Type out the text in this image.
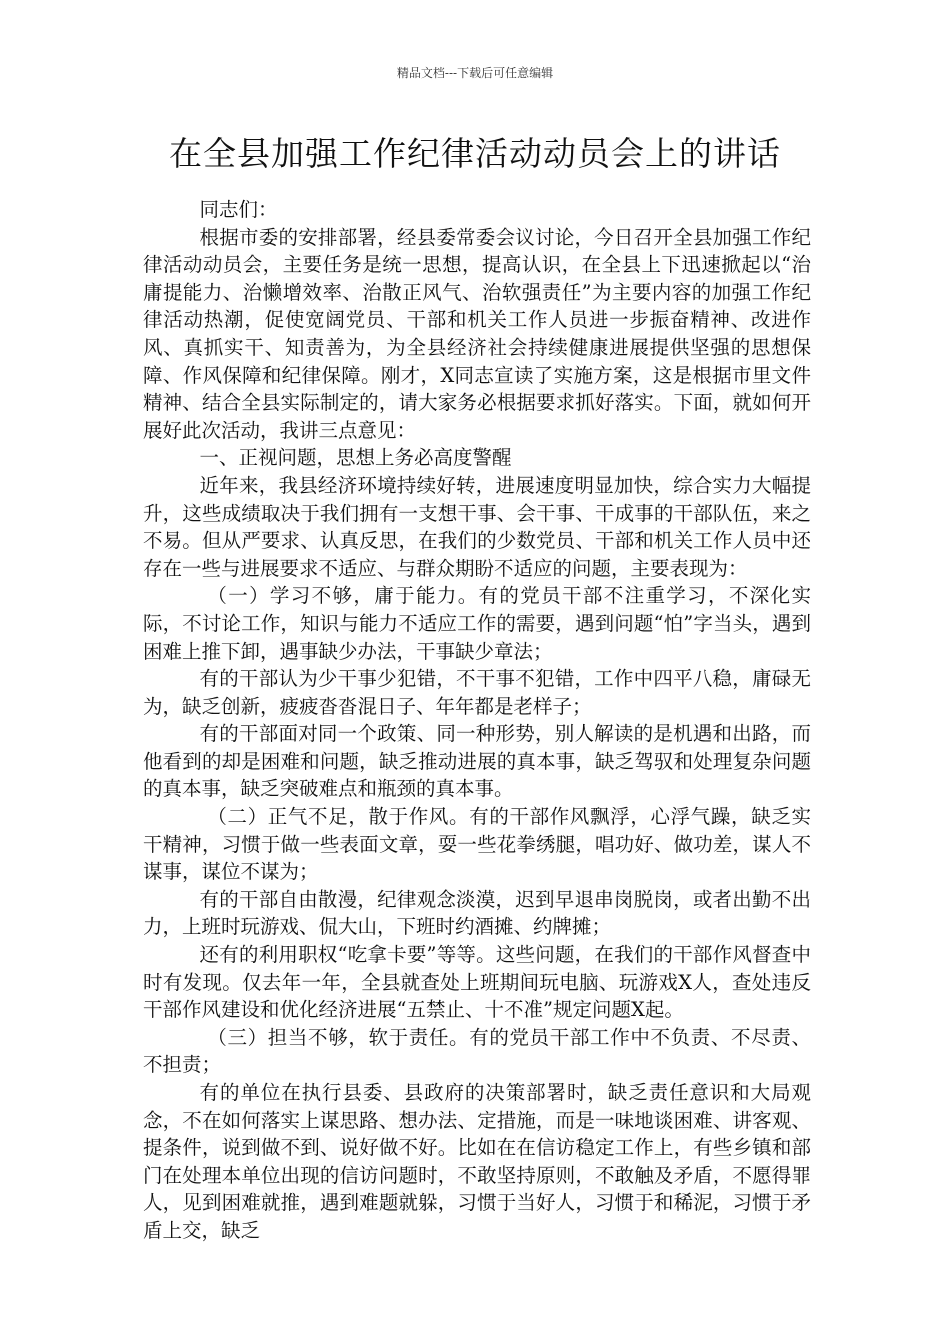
精品文档---下载后可任意编辑
在全县加强工作纪律活动动员会上的讲话

同志们：

根据市委的安排部署，经县委常委会议讨论，今日召开全县加强工作纪律活动动员会，主要任务是统一思想，提高认识，在全县上下迅速掀起以“治庸提能力、治懒增效率、治散正风气、治软强责任”为主要内容的加强工作纪律活动热潮，促使宽阔党员、干部和机关工作人员进一步振奋精神、改进作风、真抓实干、知责善为，为全县经济社会持续健康进展提供坚强的思想保障、作风保障和纪律保障。刚才，X同志宣读了实施方案，这是根据市里文件精神、结合全县实际制定的，请大家务必根据要求抓好落实。下面，就如何开展好此次活动，我讲三点意见：

一、正视问题，思想上务必高度警醒

近年来，我县经济环境持续好转，进展速度明显加快，综合实力大幅提升，这些成绩取决于我们拥有一支想干事、会干事、干成事的干部队伍，来之不易。但从严要求、认真反思，在我们的少数党员、干部和机关工作人员中还存在一些与进展要求不适应、与群众期盼不适应的问题，主要表现为：

（一）学习不够，庸于能力。有的党员干部不注重学习，不深化实际，不讨论工作，知识与能力不适应工作的需要，遇到问题“怕”字当头，遇到困难上推下卸，遇事缺少办法，干事缺少章法；

有的干部认为少干事少犯错，不干事不犯错，工作中四平八稳，庸碌无为，缺乏创新，疲疲沓沓混日子、年年都是老样子；

有的干部面对同一个政策、同一种形势，别人解读的是机遇和出路，而他看到的却是困难和问题，缺乏推动进展的真本事，缺乏驾驭和处理复杂问题的真本事，缺乏突破难点和瓶颈的真本事。

（二）正气不足，散于作风。有的干部作风飘浮，心浮气躁，缺乏实干精神，习惯于做一些表面文章，耍一些花拳绣腿，唱功好、做功差，谋人不谋事，谋位不谋为；

有的干部自由散漫，纪律观念淡漠，迟到早退串岗脱岗，或者出勤不出力，上班时玩游戏、侃大山，下班时约酒摊、约牌摊；

还有的利用职权“吃拿卡要”等等。这些问题，在我们的干部作风督查中时有发现。仅去年一年，全县就查处上班期间玩电脑、玩游戏X人，查处违反干部作风建设和优化经济进展“五禁止、十不准”规定问题X起。

（三）担当不够，软于责任。有的党员干部工作中不负责、不尽责、不担责；

有的单位在执行县委、县政府的决策部署时，缺乏责任意识和大局观念，不在如何落实上谋思路、想办法、定措施，而是一味地谈困难、讲客观、提条件，说到做不到、说好做不好。比如在在信访稳定工作上，有些乡镇和部门在处理本单位出现的信访问题时，不敢坚持原则，不敢触及矛盾，不愿得罪人，见到困难就推，遇到难题就躲，习惯于当好人，习惯于和稀泥，习惯于矛盾上交，缺乏
